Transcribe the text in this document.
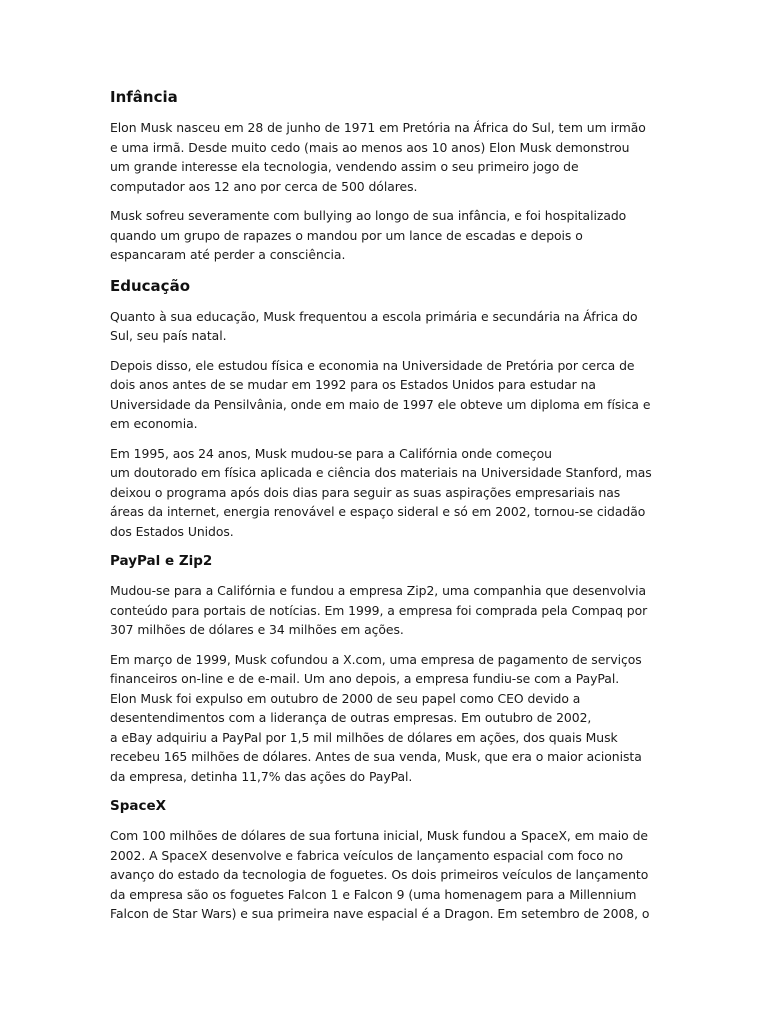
Infância

Elon Musk nasceu em 28 de junho de 1971 em Pretória na África do Sul, tem um irmão
e uma irmã. Desde muito cedo (mais ao menos aos 10 anos) Elon Musk demonstrou
um grande interesse ela tecnologia, vendendo assim o seu primeiro jogo de
computador aos 12 ano por cerca de 500 dólares.

Musk sofreu severamente com bullying ao longo de sua infância, e foi hospitalizado
quando um grupo de rapazes o mandou por um lance de escadas e depois o
espancaram até perder a consciência.

Educação

Quanto à sua educação, Musk frequentou a escola primária e secundária na África do
Sul, seu país natal.

Depois disso, ele estudou física e economia na Universidade de Pretória por cerca de
dois anos antes de se mudar em 1992 para os Estados Unidos para estudar na
Universidade da Pensilvânia, onde em maio de 1997 ele obteve um diploma em física e
em economia.

Em 1995, aos 24 anos, Musk mudou-se para a Califórnia onde começou
um doutorado em física aplicada e ciência dos materiais na Universidade Stanford, mas
deixou o programa após dois dias para seguir as suas aspirações empresariais nas
áreas da internet, energia renovável e espaço sideral e só em 2002, tornou-se cidadão
dos Estados Unidos.

PayPal e Zip2

Mudou-se para a Califórnia e fundou a empresa Zip2, uma companhia que desenvolvia
conteúdo para portais de notícias. Em 1999, a empresa foi comprada pela Compaq por
307 milhões de dólares e 34 milhões em ações.

Em março de 1999, Musk cofundou a X.com, uma empresa de pagamento de serviços
financeiros on-line e de e-mail. Um ano depois, a empresa fundiu-se com a PayPal.
Elon Musk foi expulso em outubro de 2000 de seu papel como CEO devido a
desentendimentos com a liderança de outras empresas. Em outubro de 2002,
a eBay adquiriu a PayPal por 1,5 mil milhões de dólares em ações, dos quais Musk
recebeu 165 milhões de dólares. Antes de sua venda, Musk, que era o maior acionista
da empresa, detinha 11,7% das ações do PayPal.

SpaceX

Com 100 milhões de dólares de sua fortuna inicial, Musk fundou a SpaceX, em maio de
2002. A SpaceX desenvolve e fabrica veículos de lançamento espacial com foco no
avanço do estado da tecnologia de foguetes. Os dois primeiros veículos de lançamento
da empresa são os foguetes Falcon 1 e Falcon 9 (uma homenagem para a Millennium
Falcon de Star Wars) e sua primeira nave espacial é a Dragon. Em setembro de 2008, o
